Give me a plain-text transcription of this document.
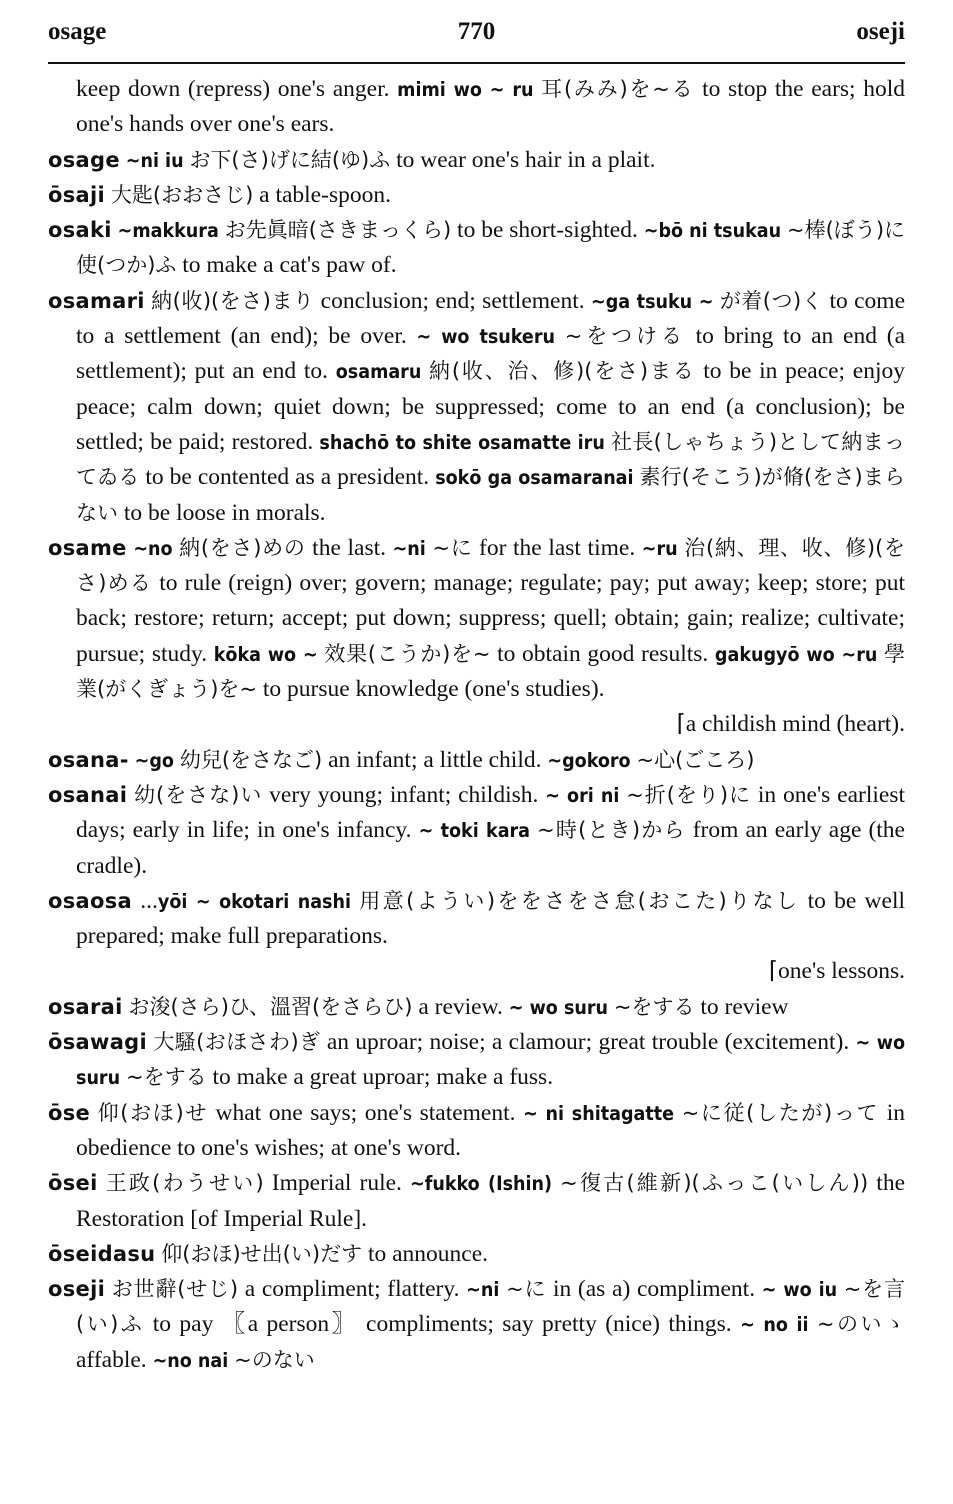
osage	770	oseji

keep down (repress) one's anger. mimi wo ~ ru 耳(みみ)を~る to stop the ears; hold one's hands over one's ears.

osage ~ni iu お下(さ)げに結(ゆ)ふ to wear one's hair in a plait.

ōsaji 大匙(おおさじ) a table-spoon.

osaki ~makkura お先眞暗(さきまっくら) to be short-sighted. ~bō ni tsukau ~棒(ぼう)に使(つか)ふ to make a cat's paw of.

osamari 納(收)(をさ)まり conclusion; end; settlement. ~ga tsuku ~ が着(つ)く to come to a settlement (an end); be over. ~ wo tsukeru ~をつける to bring to an end (a settlement); put an end to. osamaru 納(收、治、修)(をさ)まる to be in peace; enjoy peace; calm down; quiet down; be suppressed; come to an end (a conclusion); be settled; be paid; restored. shachō to shite osamatte iru 社長(しゃちょう)として納まってゐる to be contented as a president. sokō ga osamaranai 素行(そこう)が脩(をさ)まらない to be loose in morals.

osame ~no 納(をさ)めの the last. ~ni ~に for the last time. ~ru 治(納、理、收、修)(をさ)める to rule (reign) over; govern; manage; regulate; pay; put away; keep; store; put back; restore; return; accept; put down; suppress; quell; obtain; gain; realize; cultivate; pursue; study. kōka wo ~ 效果(こうか)を~ to obtain good results. gakugyō wo ~ru 學業(がくぎょう)を~ to pursue knowledge (one's studies).
⌈a childish mind (heart).

osana- ~go 幼兒(をさなご) an infant; a little child. ~gokoro ~心(ごころ)

osanai 幼(をさな)い very young; infant; childish. ~ ori ni ~折(をり)に in one's earliest days; early in life; in one's infancy. ~ toki kara ~時(とき)から from an early age (the cradle).

osaosa ...yōi ~ okotari nashi 用意(ようい)ををさをさ怠(おこた)りなし to be well prepared; make full preparations.
⌈one's lessons.

osarai お浚(さら)ひ、溫習(をさらひ) a review. ~ wo suru ~をする to review

ōsawagi 大騷(おほさわ)ぎ an uproar; noise; a clamour; great trouble (excitement). ~ wo suru ~をする to make a great uproar; make a fuss.

ōse 仰(おほ)せ what one says; one's statement. ~ ni shitagatte ~に従(したが)って in obedience to one's wishes; at one's word.

ōsei 王政(わうせい) Imperial rule. ~fukko (Ishin) ~復古(維新)(ふっこ(いしん)) the Restoration [of Imperial Rule].

ōseidasu 仰(おほ)せ出(い)だす to announce.

oseji お世辭(せじ) a compliment; flattery. ~ni ~に in (as a) compliment. ~ wo iu ~を言(い)ふ to pay 〖a person〗 compliments; say pretty (nice) things. ~ no ii ~のいゝ affable. ~no nai ~のない
